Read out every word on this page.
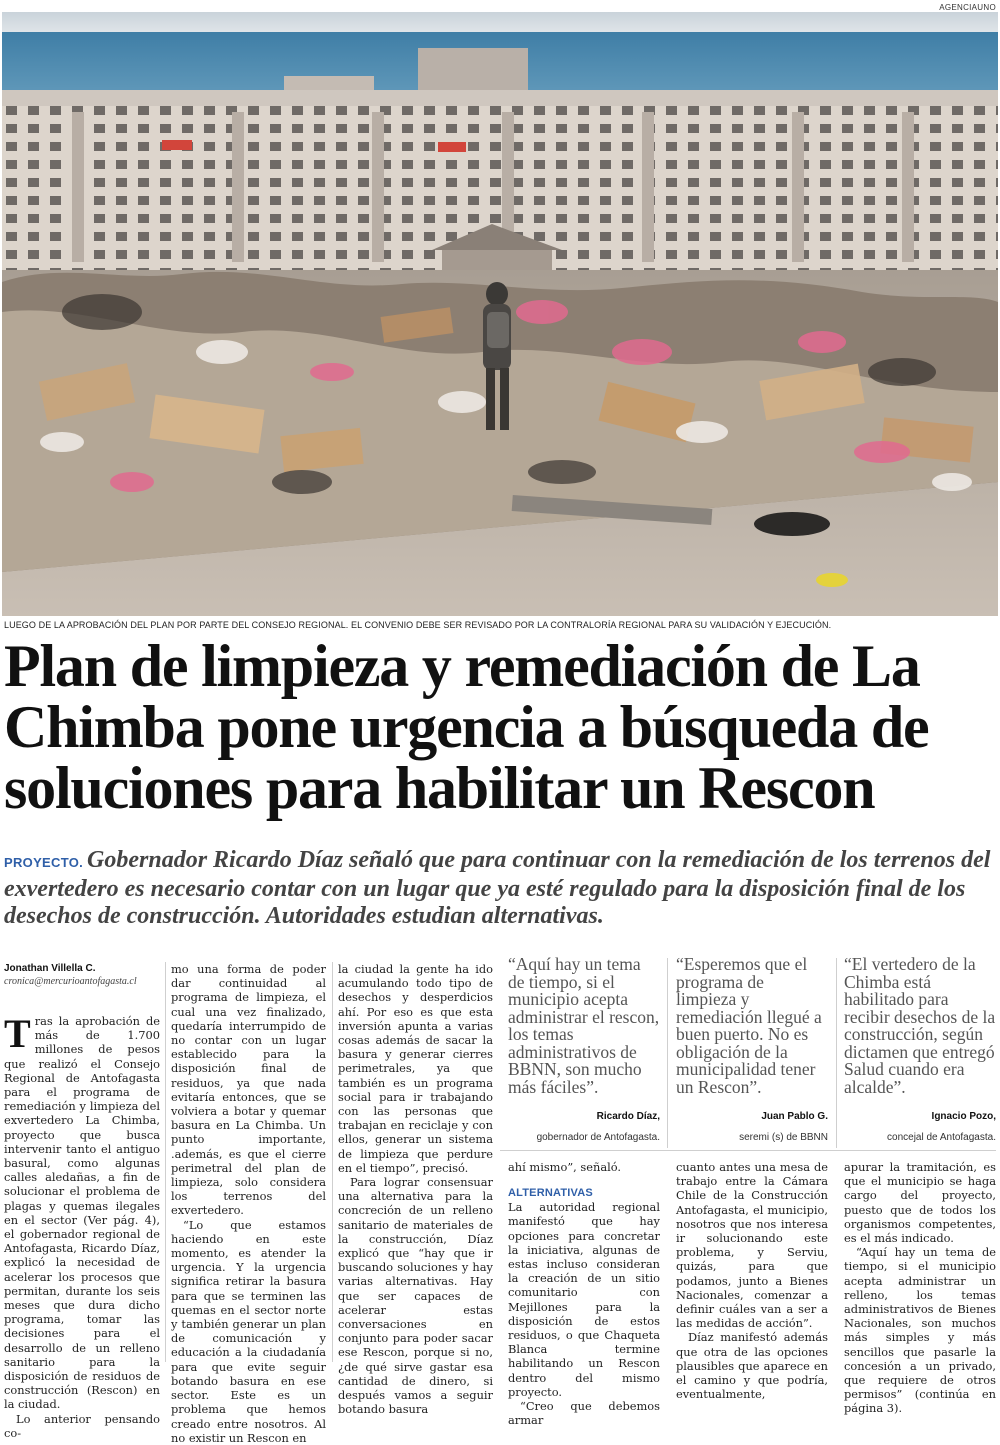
AGENCIAUNO
LUEGO DE LA APROBACIÓN DEL PLAN POR PARTE DEL CONSEJO REGIONAL. EL CONVENIO DEBE SER REVISADO POR LA CONTRALORÍA REGIONAL PARA SU VALIDACIÓN Y EJECUCIÓN.
Plan de limpieza y remediación de La Chimba pone urgencia a búsqueda de soluciones para habilitar un Rescon
PROYECTO. Gobernador Ricardo Díaz señaló que para continuar con la remediación de los terrenos del exvertedero es necesario contar con un lugar que ya esté regulado para la disposición final de los desechos de construcción. Autoridades estudian alternativas.
Jonathan Villella C.
cronica@mercurioantofagasta.cl

Tras la aprobación de más de 1.700 millones de pesos que realizó el Consejo Regional de Antofagasta para el programa de remediación y limpieza del exvertedero La Chimba, proyecto que busca intervenir tanto el antiguo basural, como algunas calles aledañas, a fin de solucionar el problema de plagas y quemas ilegales en el sector (Ver pág. 4), el gobernador regional de Antofagasta, Ricardo Díaz, explicó la necesidad de acelerar los procesos que permitan, durante los seis meses que dura dicho programa, tomar las decisiones para el desarrollo de un relleno sanitario para la disposición de residuos de construcción (Rescon) en la ciudad.

Lo anterior pensando co-

mo una forma de poder dar continuidad al programa de limpieza, el cual una vez finalizado, quedaría interrumpido de no contar con un lugar establecido para la disposición final de residuos, ya que nada evitaría entonces, que se volviera a botar y quemar basura en La Chimba. Un punto importante, .además, es que el cierre perimetral del plan de limpieza, solo considera los terrenos del exvertedero.

“Lo que estamos haciendo en este momento, es atender la urgencia. Y la urgencia significa retirar la basura para que se terminen las quemas en el sector norte y también generar un plan de comunicación y educación a la ciudadanía para que evite seguir botando basura en ese sector. Este es un problema que hemos creado entre nosotros. Al no existir un Rescon en

la ciudad la gente ha ido acumulando todo tipo de desechos y desperdicios ahí. Por eso es que esta inversión apunta a varias cosas además de sacar la basura y generar cierres perimetrales, ya que también es un programa social para ir trabajando con las personas que trabajan en reciclaje y con ellos, generar un sistema de limpieza que perdure en el tiempo”, precisó.

Para lograr consensuar una alternativa para la concreción de un relleno sanitario de materiales de la construcción, Díaz explicó que “hay que ir buscando soluciones y hay varias alternativas. Hay que ser capaces de acelerar estas conversaciones en conjunto para poder sacar ese Rescon, porque si no, ¿de qué sirve gastar esa cantidad de dinero, si después vamos a seguir botando basura

“Aquí hay un tema de tiempo, si el municipio acepta administrar el rescon, los temas administrativos de BBNN, son mucho más fáciles”.
Ricardo Díaz,
gobernador de Antofagasta.
“Esperemos que el programa de limpieza y remediación llegué a buen puerto. No es obligación de la municipalidad tener un Rescon”.
Juan Pablo G.
seremi (s) de BBNN
“El vertedero de la Chimba está habilitado para recibir desechos de la construcción, según dictamen que entregó Salud cuando era alcalde”.
Ignacio Pozo,
concejal de Antofagasta.

ahí mismo”, señaló.

ALTERNATIVAS

La autoridad regional manifestó que hay opciones para concretar la iniciativa, algunas de estas incluso consideran la creación de un sitio comunitario con Mejillones para la disposición de estos residuos, o que Chaqueta Blanca termine habilitando un Rescon dentro del mismo proyecto.

“Creo que debemos armar

cuanto antes una mesa de trabajo entre la Cámara Chile de la Construcción Antofagasta, el municipio, nosotros que nos interesa ir solucionando este problema, y Serviu, quizás, para que podamos, junto a Bienes Nacionales, comenzar a definir cuáles van a ser a las medidas de acción”.

Díaz manifestó además que otra de las opciones plausibles que aparece en el camino y que podría, eventualmente,

apurar la tramitación, es que el municipio se haga cargo del proyecto, puesto que de todos los organismos competentes, es el más indicado.

“Aquí hay un tema de tiempo, si el municipio acepta administrar un relleno, los temas administrativos de Bienes Nacionales, son muchos más simples y más sencillos que pasarle la concesión a un privado, que requiere de otros permisos” (continúa en página 3).
